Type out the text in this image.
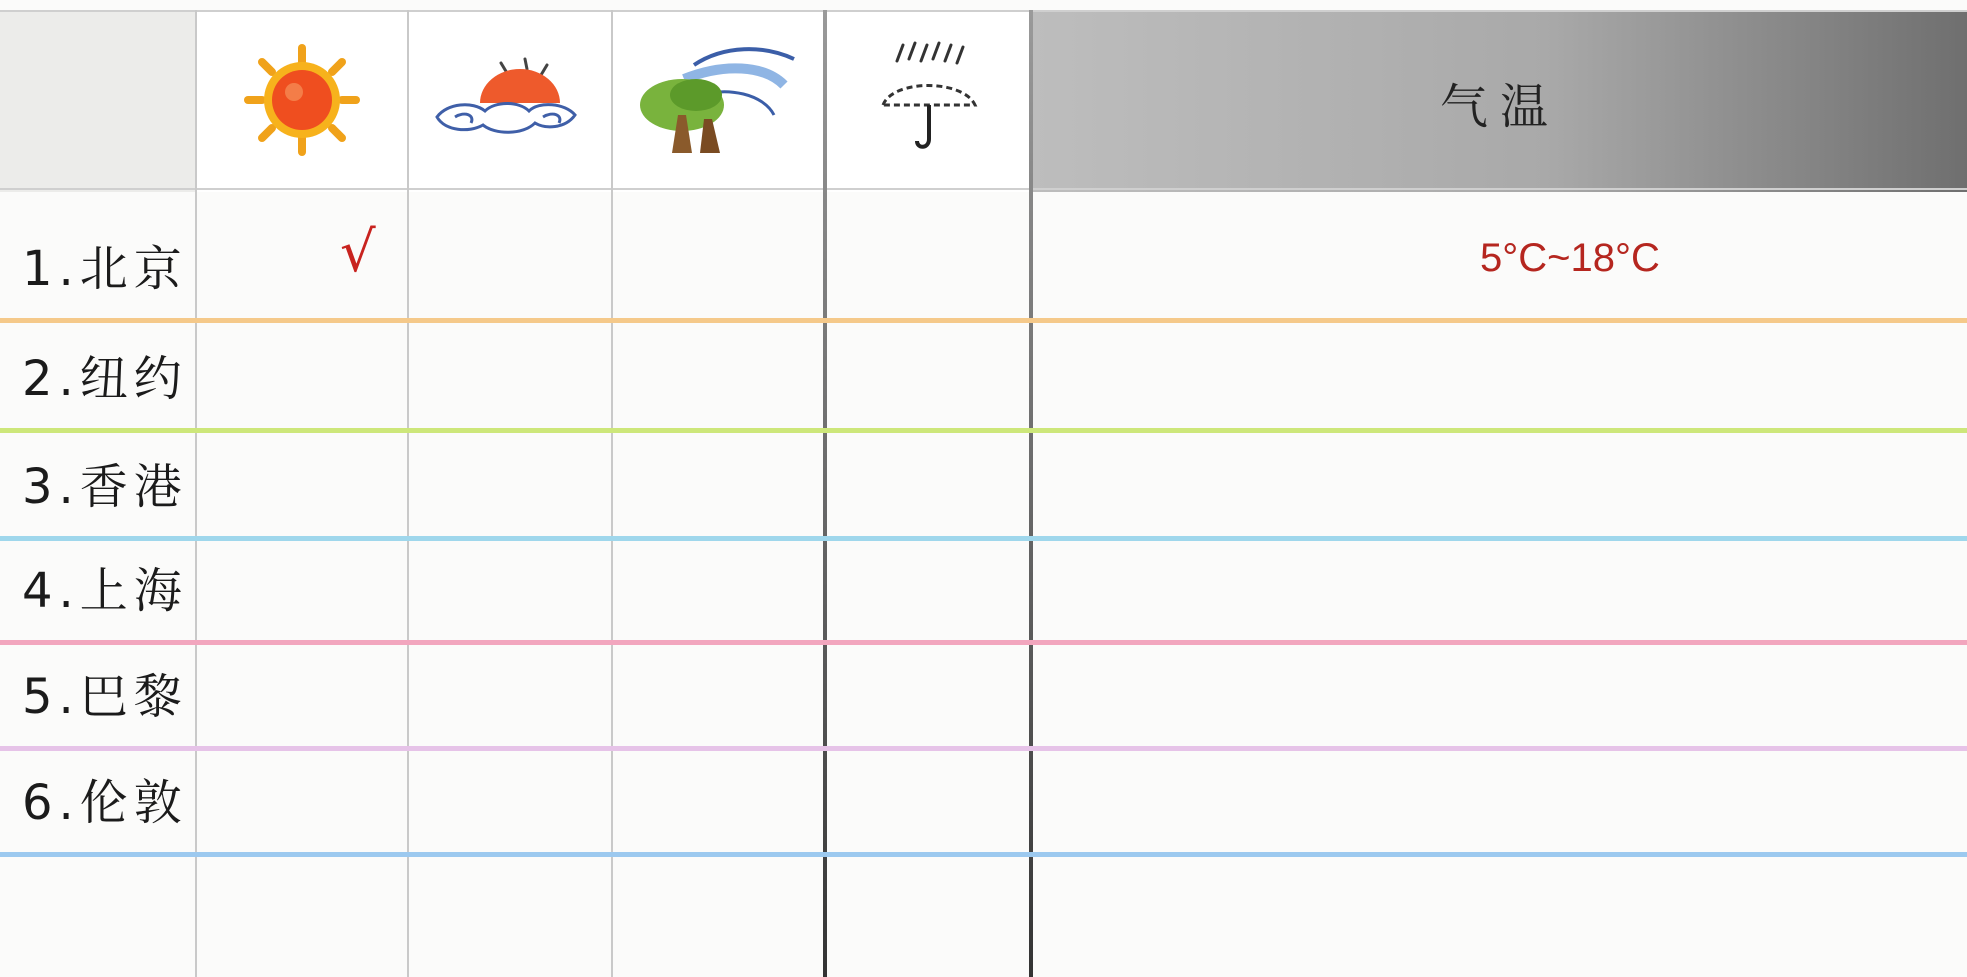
气温
1.北京	√	5°C~18°C
2.纽约
3.香港
4.上海
5.巴黎
6.伦敦
